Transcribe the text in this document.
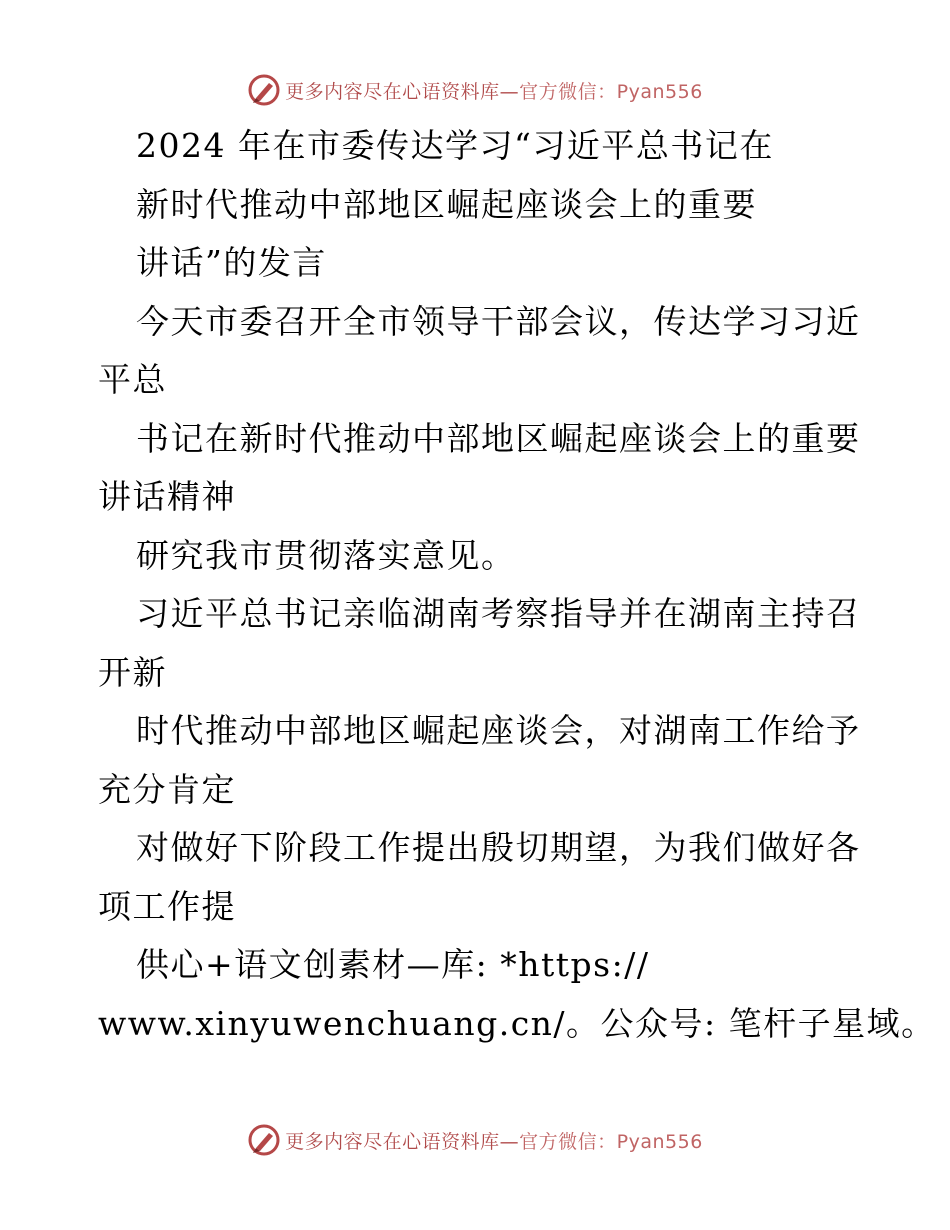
更多内容尽在心语资料库—官方微信：Pyan556
2024 年在市委传达学习“习近平总书记在
新时代推动中部地区崛起座谈会上的重要
讲话”的发言
今天市委召开全市领导干部会议，传达学习习近
平总
书记在新时代推动中部地区崛起座谈会上的重要
讲话精神
研究我市贯彻落实意见。
习近平总书记亲临湖南考察指导并在湖南主持召
开新
时代推动中部地区崛起座谈会，对湖南工作给予
充分肯定
对做好下阶段工作提出殷切期望，为我们做好各
项工作提
供心+语文创素材—库: *https://
www.xinyuwenchuang.cn/。公众号: 笔杆子星域。
更多内容尽在心语资料库—官方微信：Pyan556
